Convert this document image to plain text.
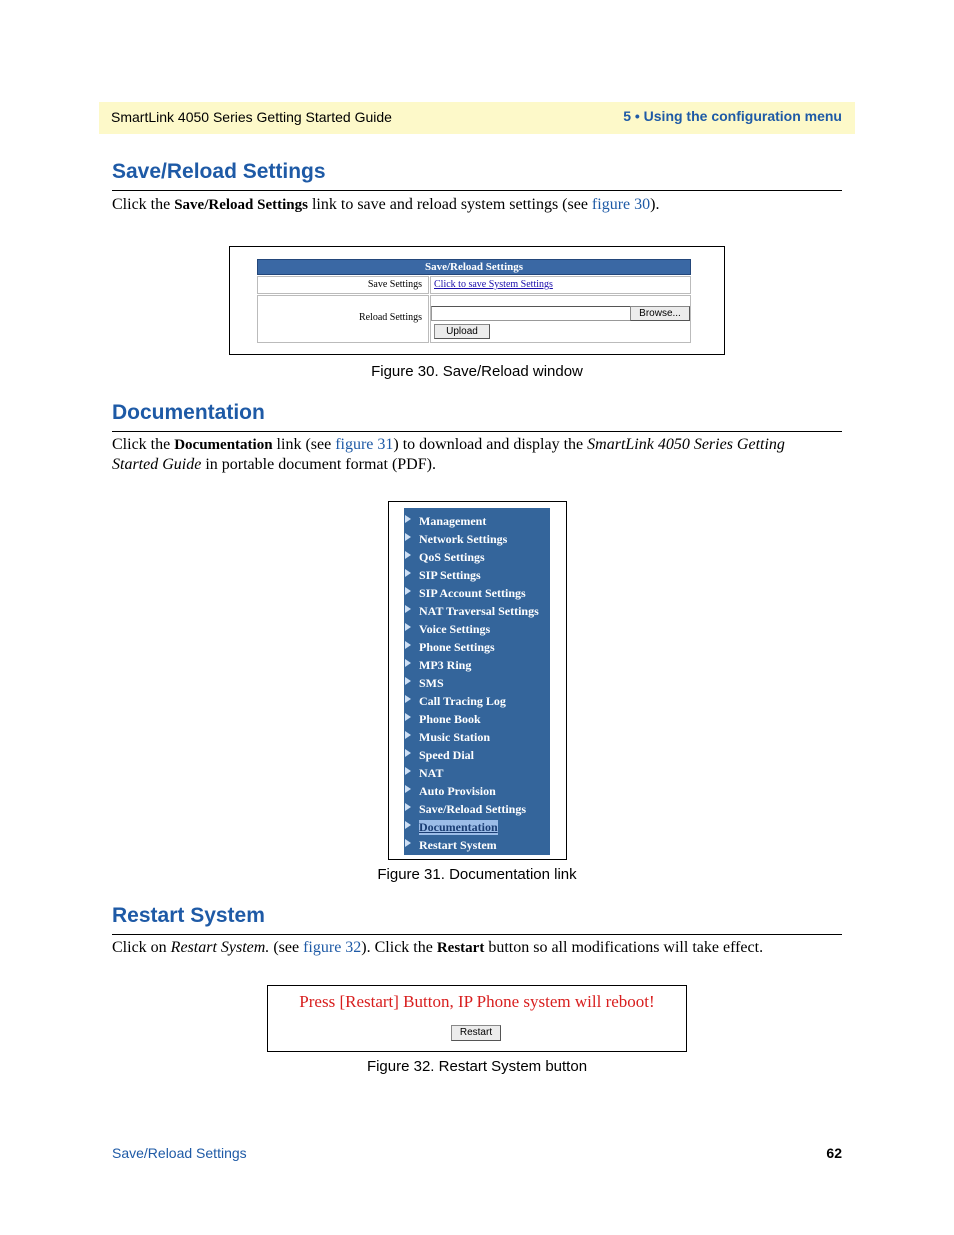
SmartLink 4050 Series Getting Started Guide	5 • Using the configuration menu
Save/Reload Settings

Click the Save/Reload Settings link to save and reload system settings (see figure 30).

Save/Reload Settings
Save Settings Click to save System Settings
Reload Settings	Browse...
Upload
Figure 30. Save/Reload window
Documentation

Click the Documentation link (see figure 31) to download and display the SmartLink 4050 Series Getting
Started Guide in portable document format (PDF).

Management
Network Settings
QoS Settings
SIP Settings
SIP Account Settings
NAT Traversal Settings
Voice Settings
Phone Settings
MP3 Ring
SMS
Call Tracing Log
Phone Book
Music Station
Speed Dial
NAT
Auto Provision
Save/Reload Settings
Documentation
Restart System
Figure 31. Documentation link
Restart System

Click on Restart System. (see figure 32). Click the Restart button so all modifications will take effect.

Press [Restart] Button, IP Phone system will reboot!
Restart
Figure 32. Restart System button
Save/Reload Settings	62
